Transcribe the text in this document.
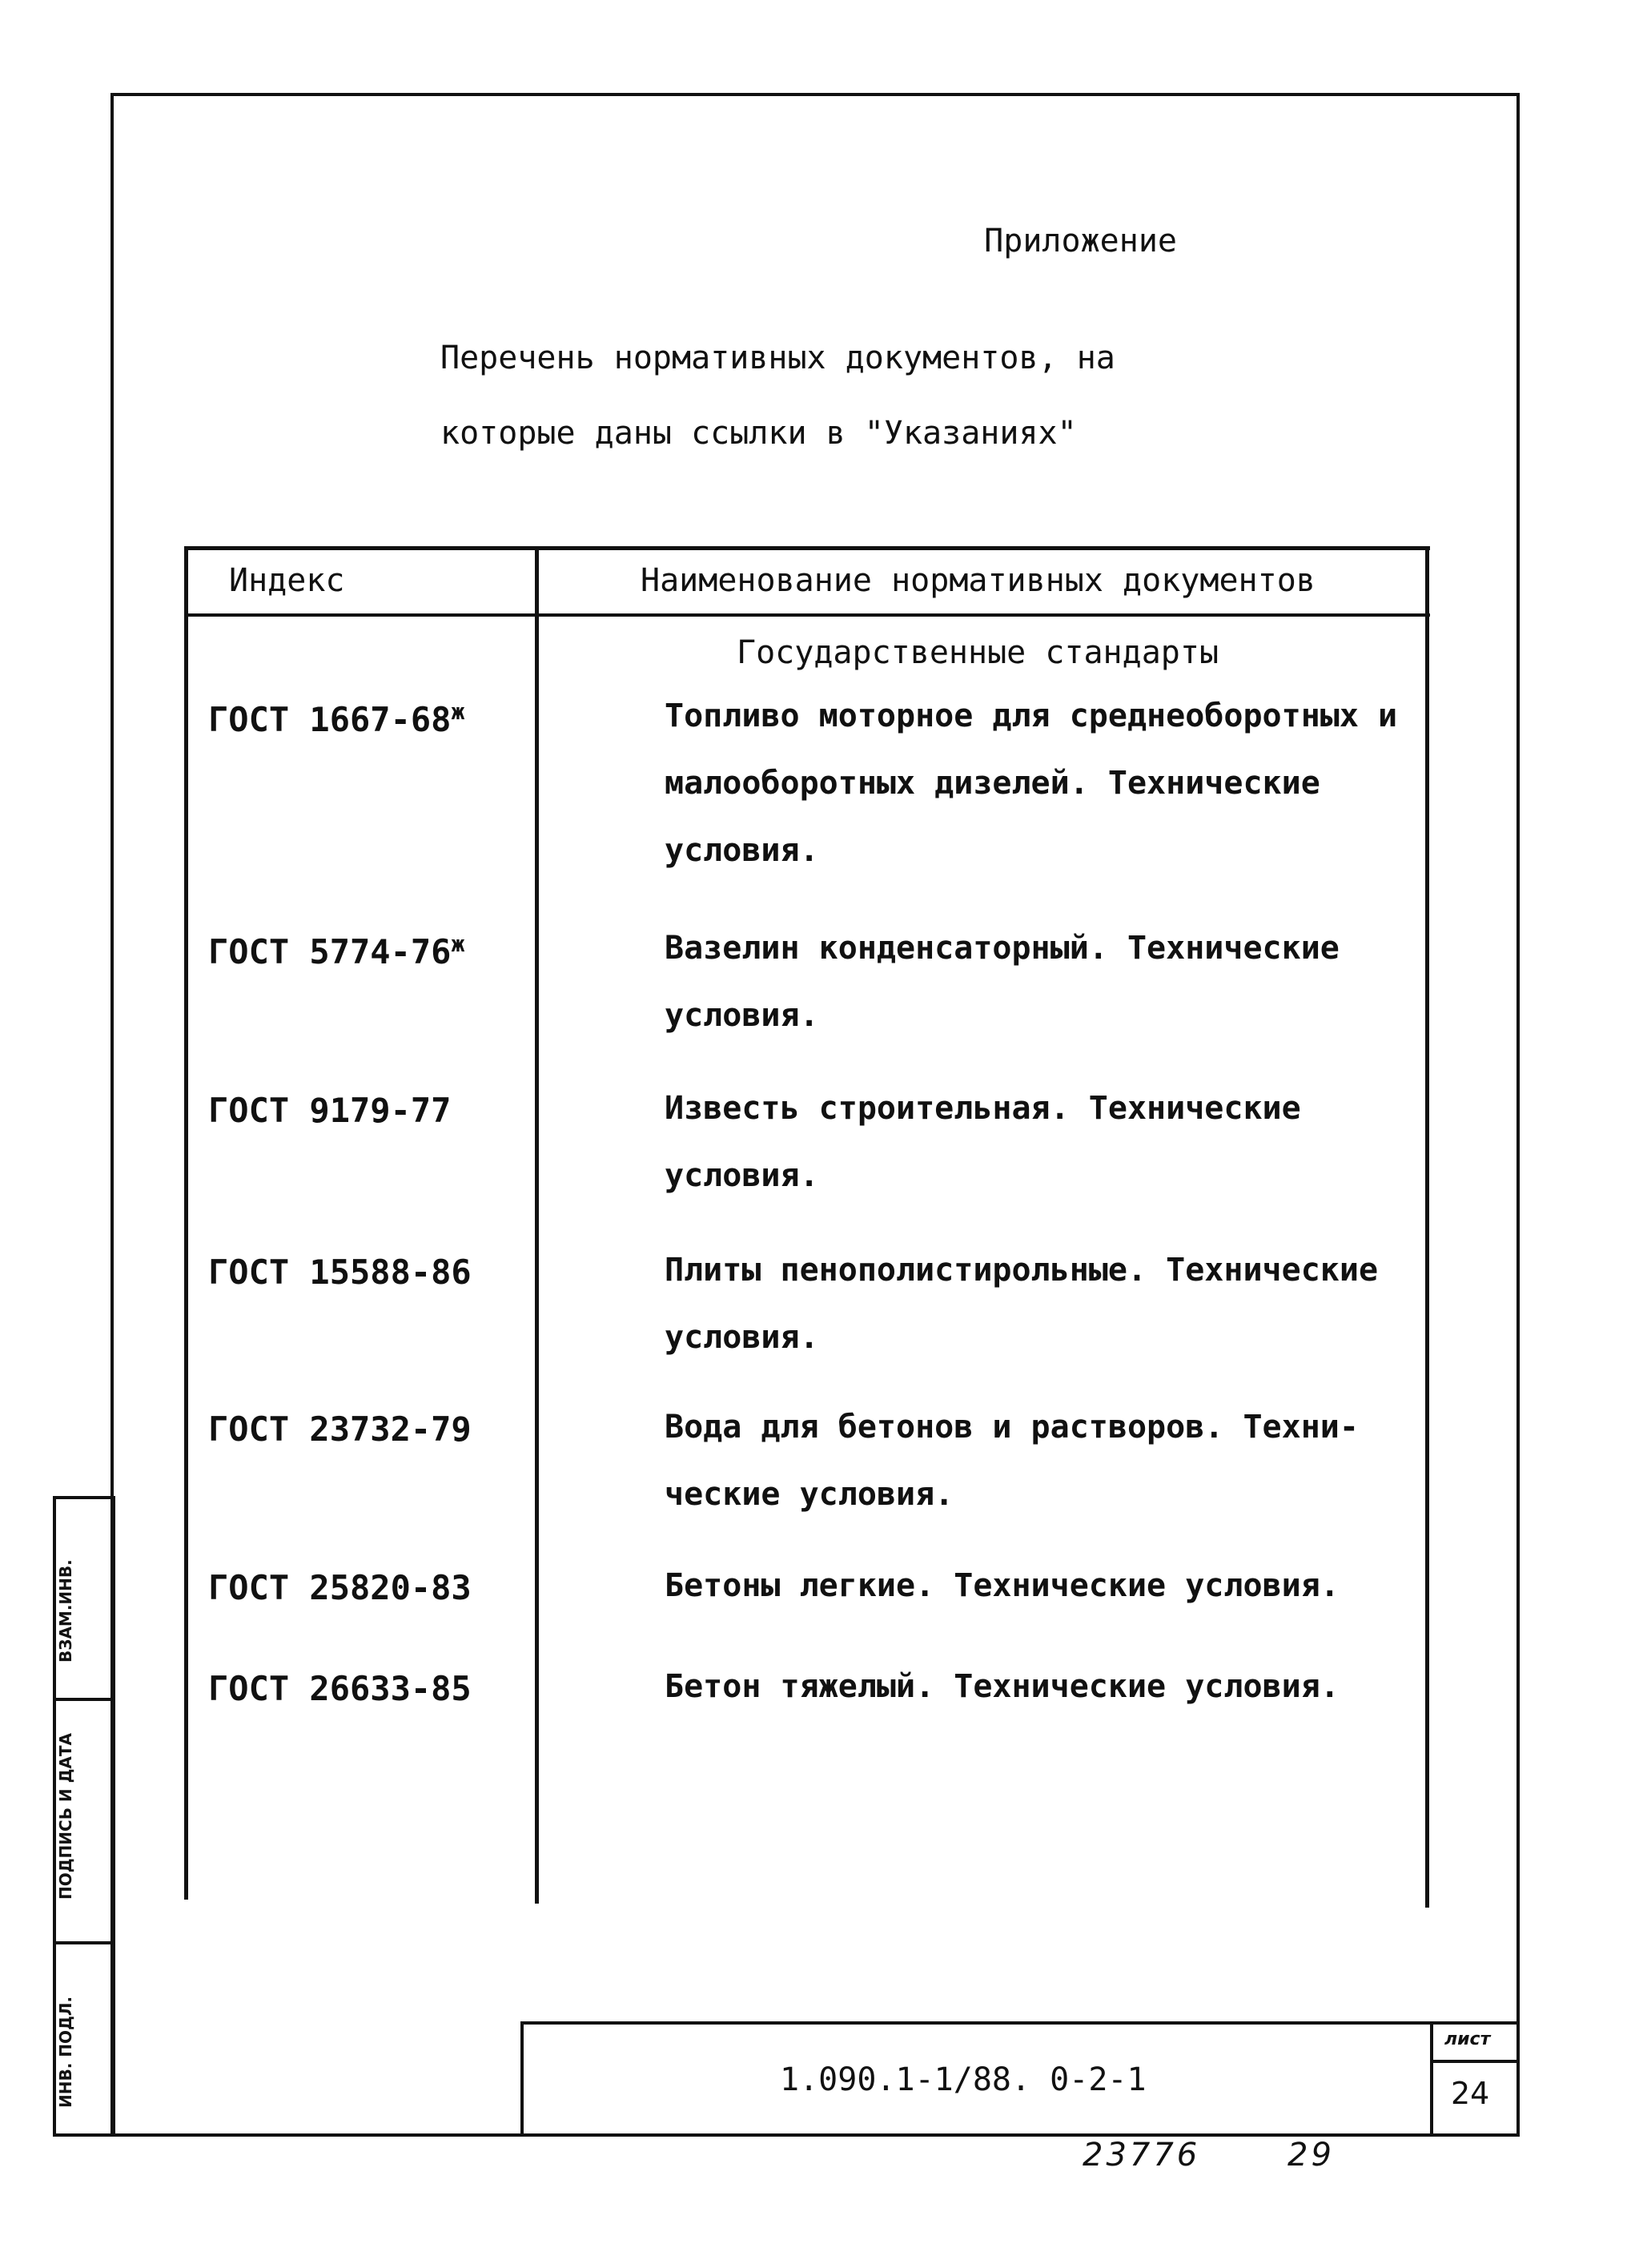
Приложение
Перечень нормативных документов, на
которые даны ссылки в "Указаниях"
Индекс	Наименование нормативных документов
Государственные стандарты
ГОСТ $1667-68^ж$	Топливо моторное для среднеоборотных и малооборотных дизелей. Технические условия.
ГОСТ $5774-76^ж$	Вазелин конденсаторный. Технические условия.
ГОСТ 9179-77	Известь строительная. Технические условия.
ГОСТ 15588-86	Плиты пенополистирольные. Технические условия.
ГОСТ 23732-79	Вода для бетонов и растворов. Техни-ческие условия.
ГОСТ 25820-83	Бетоны легкие. Технические условия.
ГОСТ 26633-85	Бетон тяжелый. Технические условия.
ВЗАМ.ИНВ.
ПОДПИСЬ И ДАТА
ИНВ. ПОДЛ.	1.090.1-1/88. 0-2-1
лист
24
23776	29
